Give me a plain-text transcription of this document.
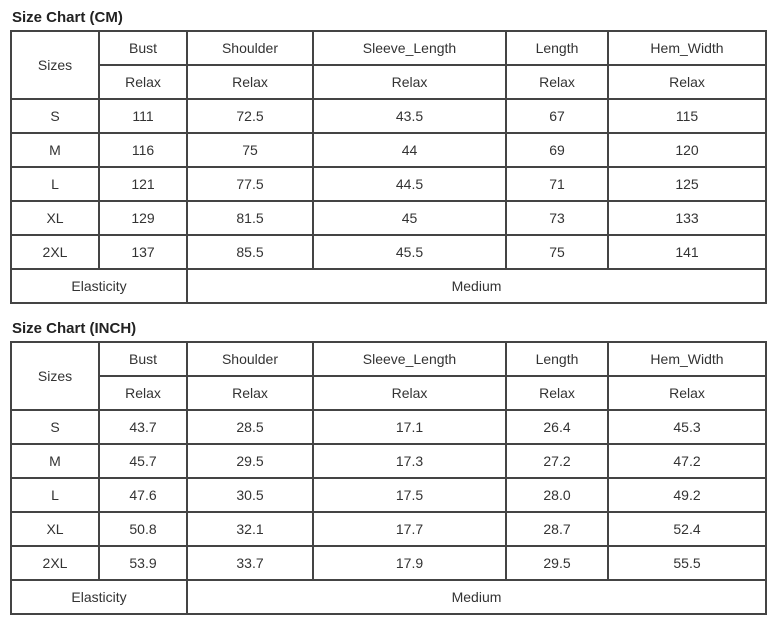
Size Chart (CM)
Sizes	Bust	Shoulder	Sleeve_Length	Length	Hem_Width
	Relax	Relax	Relax	Relax	Relax
S	111	72.5	43.5	67	115
M	116	75	44	69	120
L	121	77.5	44.5	71	125
XL	129	81.5	45	73	133
2XL	137	85.5	45.5	75	141
Elasticity		Medium			
Size Chart (INCH)
Sizes	Bust	Shoulder	Sleeve_Length	Length	Hem_Width
	Relax	Relax	Relax	Relax	Relax
S	43.7	28.5	17.1	26.4	45.3
M	45.7	29.5	17.3	27.2	47.2
L	47.6	30.5	17.5	28.0	49.2
XL	50.8	32.1	17.7	28.7	52.4
2XL	53.9	33.7	17.9	29.5	55.5
Elasticity		Medium			
